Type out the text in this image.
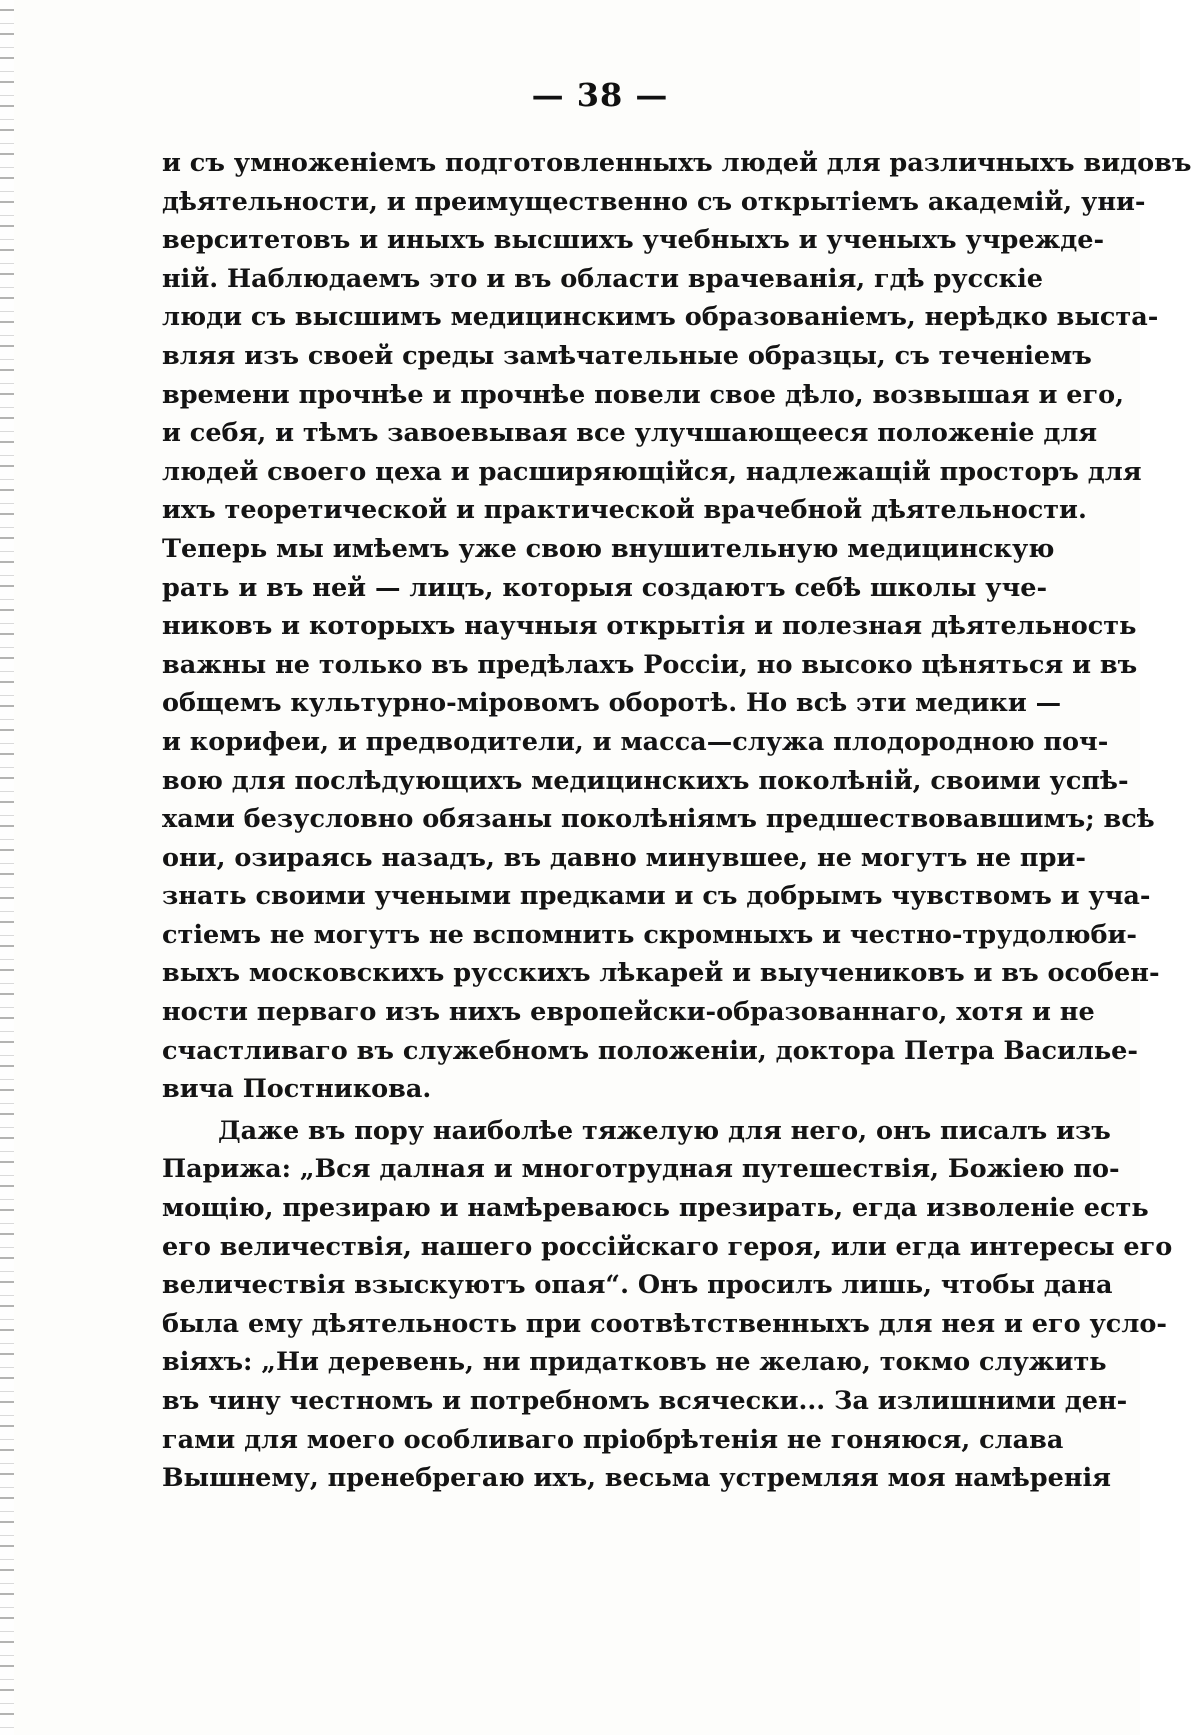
— 38 —
и съ умноженіемъ подготовленныхъ людей для различныхъ видовъ
дѣятельности, и преимущественно съ открытіемъ академій, уни-
верситетовъ и иныхъ высшихъ учебныхъ и ученыхъ учрежде-
ній. Наблюдаемъ это и въ области врачеванія, гдѣ русскіе
люди съ высшимъ медицинскимъ образованіемъ, нерѣдко выста-
вляя изъ своей среды замѣчательные образцы, съ теченіемъ
времени прочнѣе и прочнѣе повели свое дѣло, возвышая и его,
и себя, и тѣмъ завоевывая все улучшающееся положеніе для
людей своего цеха и расширяющійся, надлежащій просторъ для
ихъ теоретической и практической врачебной дѣятельности.
Теперь мы имѣемъ уже свою внушительную медицинскую
рать и въ ней — лицъ, которыя создаютъ себѣ школы уче-
никовъ и которыхъ научныя открытія и полезная дѣятельность
важны не только въ предѣлахъ Россіи, но высоко цѣняться и въ
общемъ культурно-міровомъ оборотѣ. Но всѣ эти медики —
и корифеи, и предводители, и масса—служа плодородною поч-
вою для послѣдующихъ медицинскихъ поколѣній, своими успѣ-
хами безусловно обязаны поколѣніямъ предшествовавшимъ; всѣ
они, озираясь назадъ, въ давно минувшее, не могутъ не при-
знать своими учеными предками и съ добрымъ чувствомъ и уча-
стіемъ не могутъ не вспомнить скромныхъ и честно-трудолюби-
выхъ московскихъ русскихъ лѣкарей и выучениковъ и въ особен-
ности перваго изъ нихъ европейски-образованнаго, хотя и не
счастливаго въ служебномъ положеніи, доктора Петра Василье-
вича Постникова.
Даже въ пору наиболѣе тяжелую для него, онъ писалъ изъ
Парижа: „Вся далная и многотрудная путешествія, Божіею по-
мощію, презираю и намѣреваюсь презирать, егда изволеніе есть
его величествія, нашего россійскаго героя, или егда интересы его
величествія взыскуютъ опая“. Онъ просилъ лишь, чтобы дана
была ему дѣятельность при соотвѣтственныхъ для нея и его усло-
віяхъ: „Ни деревень, ни придатковъ не желаю, токмо служить
въ чину честномъ и потребномъ всячески... За излишними ден-
гами для моего особливаго пріобрѣтенія не гоняюся, слава
Вышнему, пренебрегаю ихъ, весьма устремляя моя намѣренія
